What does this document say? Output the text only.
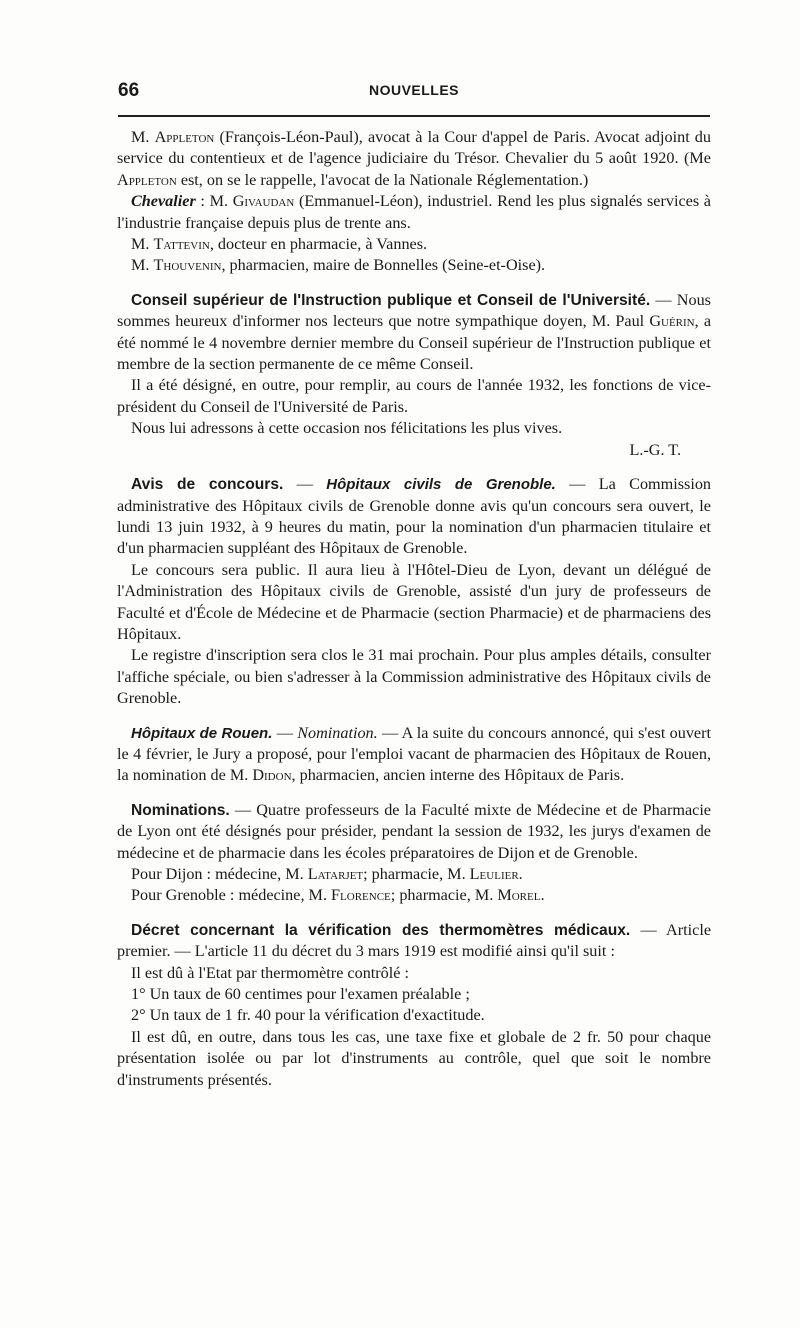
66	NOUVELLES

M. Appleton (François-Léon-Paul), avocat à la Cour d'appel de Paris. Avocat adjoint du service du contentieux et de l'agence judiciaire du Trésor. Chevalier du 5 août 1920. (Me Appleton est, on se le rappelle, l'avocat de la Nationale Réglementation.)

Chevalier : M. Givaudan (Emmanuel-Léon), industriel. Rend les plus signalés services à l'industrie française depuis plus de trente ans.

M. Tattevin, docteur en pharmacie, à Vannes.

M. Thouvenin, pharmacien, maire de Bonnelles (Seine-et-Oise).

Conseil supérieur de l'Instruction publique et Conseil de l'Université. — Nous sommes heureux d'informer nos lecteurs que notre sympathique doyen, M. Paul Guérin, a été nommé le 4 novembre dernier membre du Conseil supérieur de l'Instruction publique et membre de la section permanente de ce même Conseil.

Il a été désigné, en outre, pour remplir, au cours de l'année 1932, les fonctions de vice-président du Conseil de l'Université de Paris.

Nous lui adressons à cette occasion nos félicitations les plus vives.

L.-G. T.

Avis de concours. — Hôpitaux civils de Grenoble. — La Commission administrative des Hôpitaux civils de Grenoble donne avis qu'un concours sera ouvert, le lundi 13 juin 1932, à 9 heures du matin, pour la nomination d'un pharmacien titulaire et d'un pharmacien suppléant des Hôpitaux de Grenoble.

Le concours sera public. Il aura lieu à l'Hôtel-Dieu de Lyon, devant un délégué de l'Administration des Hôpitaux civils de Grenoble, assisté d'un jury de professeurs de Faculté et d'École de Médecine et de Pharmacie (section Pharmacie) et de pharmaciens des Hôpitaux.

Le registre d'inscription sera clos le 31 mai prochain. Pour plus amples détails, consulter l'affiche spéciale, ou bien s'adresser à la Commission administrative des Hôpitaux civils de Grenoble.

Hôpitaux de Rouen. — Nomination. — A la suite du concours annoncé, qui s'est ouvert le 4 février, le Jury a proposé, pour l'emploi vacant de pharmacien des Hôpitaux de Rouen, la nomination de M. Didon, pharmacien, ancien interne des Hôpitaux de Paris.

Nominations. — Quatre professeurs de la Faculté mixte de Médecine et de Pharmacie de Lyon ont été désignés pour présider, pendant la session de 1932, les jurys d'examen de médecine et de pharmacie dans les écoles préparatoires de Dijon et de Grenoble.

Pour Dijon : médecine, M. Latarjet; pharmacie, M. Leulier.

Pour Grenoble : médecine, M. Florence; pharmacie, M. Morel.

Décret concernant la vérification des thermomètres médicaux. — Article premier. — L'article 11 du décret du 3 mars 1919 est modifié ainsi qu'il suit :

Il est dû à l'Etat par thermomètre contrôlé :

1° Un taux de 60 centimes pour l'examen préalable ;

2° Un taux de 1 fr. 40 pour la vérification d'exactitude.

Il est dû, en outre, dans tous les cas, une taxe fixe et globale de 2 fr. 50 pour chaque présentation isolée ou par lot d'instruments au contrôle, quel que soit le nombre d'instruments présentés.
